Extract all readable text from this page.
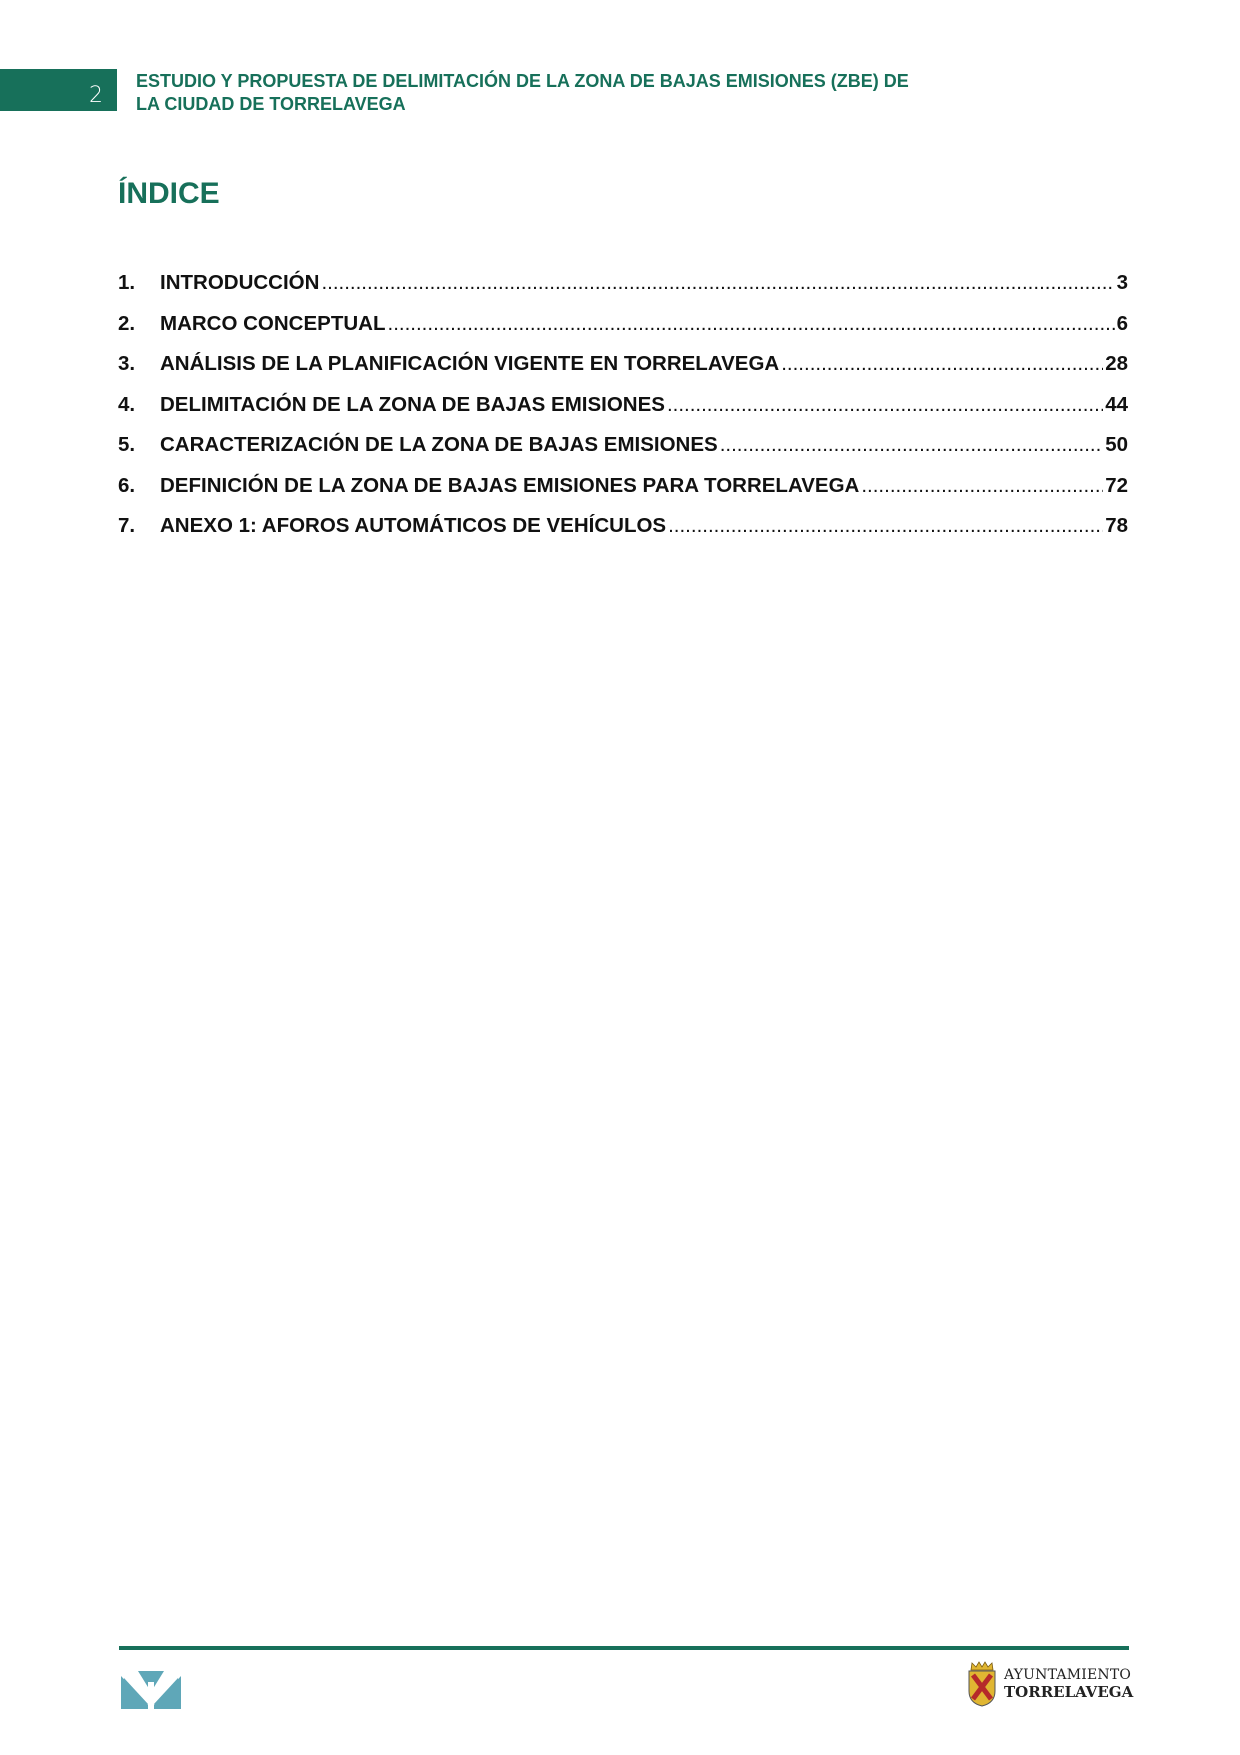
2
ESTUDIO Y PROPUESTA DE DELIMITACIÓN DE LA ZONA DE BAJAS EMISIONES (ZBE) DE LA CIUDAD DE TORRELAVEGA
ÍNDICE
1.	INTRODUCCIÓN .....	3
2.	MARCO CONCEPTUAL .....	6
3.	ANÁLISIS DE LA PLANIFICACIÓN VIGENTE EN TORRELAVEGA .....	28
4.	DELIMITACIÓN DE LA ZONA DE BAJAS EMISIONES .....	44
5.	CARACTERIZACIÓN DE LA ZONA DE BAJAS EMISIONES .....	50
6.	DEFINICIÓN DE LA ZONA DE BAJAS EMISIONES PARA TORRELAVEGA .....	72
7.	ANEXO 1: AFOROS AUTOMÁTICOS DE VEHÍCULOS .....	78
AYUNTAMIENTO
TORRELAVEGA
